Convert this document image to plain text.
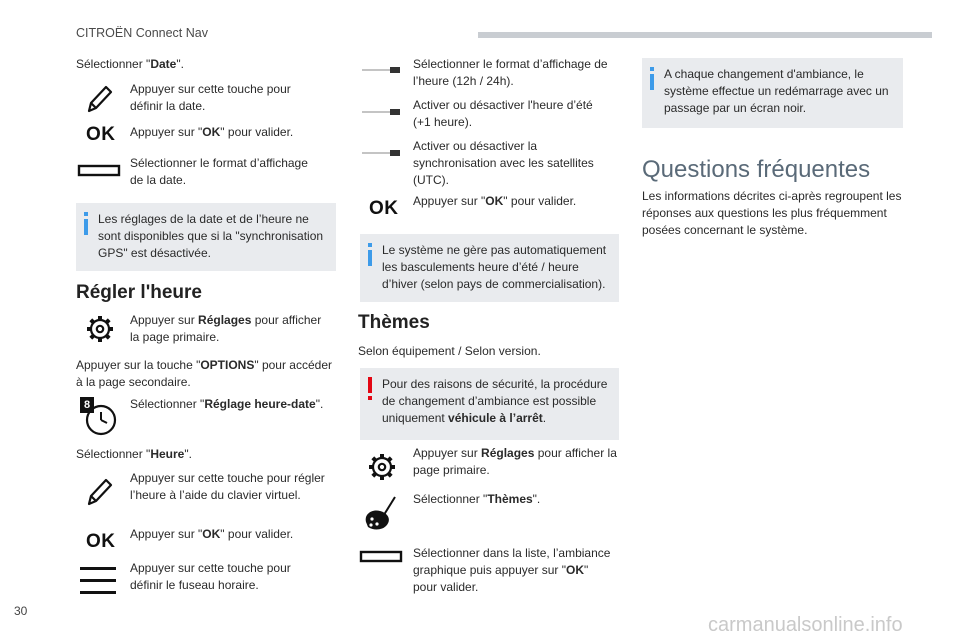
CITROËN Connect Nav
Sélectionner "Date".
Appuyer sur cette touche pour définir la date.
OK Appuyer sur "OK" pour valider.
Sélectionner le format d’affichage de la date.
Les réglages de la date et de l’heure ne sont disponibles que si la "synchronisation GPS" est désactivée.
Régler l'heure
Appuyer sur Réglages pour afficher la page primaire.
Appuyer sur la touche "OPTIONS" pour accéder à la page secondaire.
8	Sélectionner "Réglage heure-date".
Sélectionner "Heure".
Appuyer sur cette touche pour régler l’heure à l’aide du clavier virtuel.
OK Appuyer sur "OK" pour valider.
Appuyer sur cette touche pour définir le fuseau horaire.
Sélectionner le format d’affichage de l’heure (12h / 24h).
Activer ou désactiver l'heure d’été (+1 heure).
Activer ou désactiver la synchronisation avec les satellites (UTC).
OK Appuyer sur "OK" pour valider.
Le système ne gère pas automatiquement les basculements heure d’été / heure d’hiver (selon pays de commercialisation).
Thèmes
Selon équipement / Selon version.
Pour des raisons de sécurité, la procédure de changement d’ambiance est possible uniquement véhicule à l’arrêt.
Appuyer sur Réglages pour afficher la page primaire.
Sélectionner "Thèmes".
Sélectionner dans la liste, l’ambiance graphique puis appuyer sur "OK" pour valider.
A chaque changement d'ambiance, le système effectue un redémarrage avec un passage par un écran noir.
Questions fréquentes
Les informations décrites ci-après regroupent les réponses aux questions les plus fréquemment posées concernant le système.
30
carmanualsonline.info
